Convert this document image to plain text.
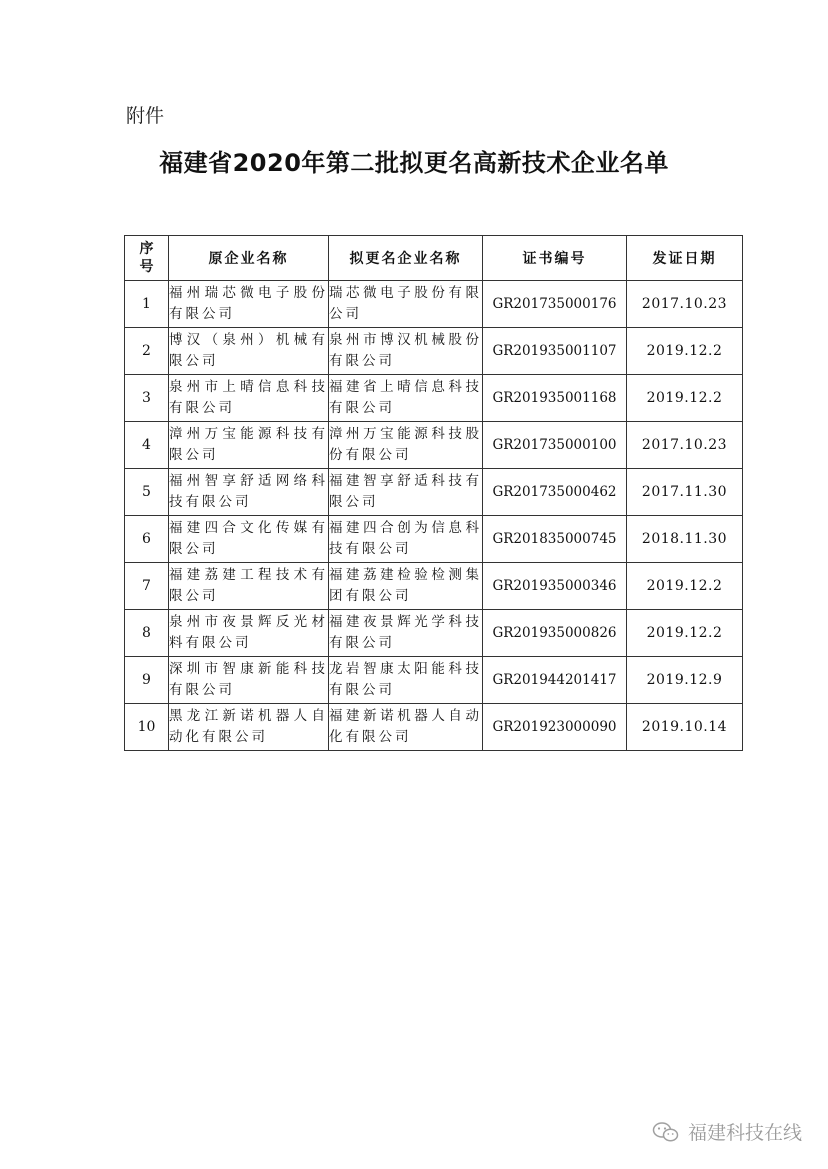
附件
福建省2020年第二批拟更名高新技术企业名单
序号	原企业名称	拟更名企业名称	证书编号	发证日期
1	福州瑞芯微电子股份有限公司	瑞芯微电子股份有限公司	GR201735000176	2017.10.23
2	博汉（泉州）机械有限公司	泉州市博汉机械股份有限公司	GR201935001107	2019.12.2
3	泉州市上晴信息科技有限公司	福建省上晴信息科技有限公司	GR201935001168	2019.12.2
4	漳州万宝能源科技有限公司	漳州万宝能源科技股份有限公司	GR201735000100	2017.10.23
5	福州智享舒适网络科技有限公司	福建智享舒适科技有限公司	GR201735000462	2017.11.30
6	福建四合文化传媒有限公司	福建四合创为信息科技有限公司	GR201835000745	2018.11.30
7	福建荔建工程技术有限公司	福建荔建检验检测集团有限公司	GR201935000346	2019.12.2
8	泉州市夜景辉反光材料有限公司	福建夜景辉光学科技有限公司	GR201935000826	2019.12.2
9	深圳市智康新能科技有限公司	龙岩智康太阳能科技有限公司	GR201944201417	2019.12.9
10	黑龙江新诺机器人自动化有限公司	福建新诺机器人自动化有限公司	GR201923000090	2019.10.14
福建科技在线
